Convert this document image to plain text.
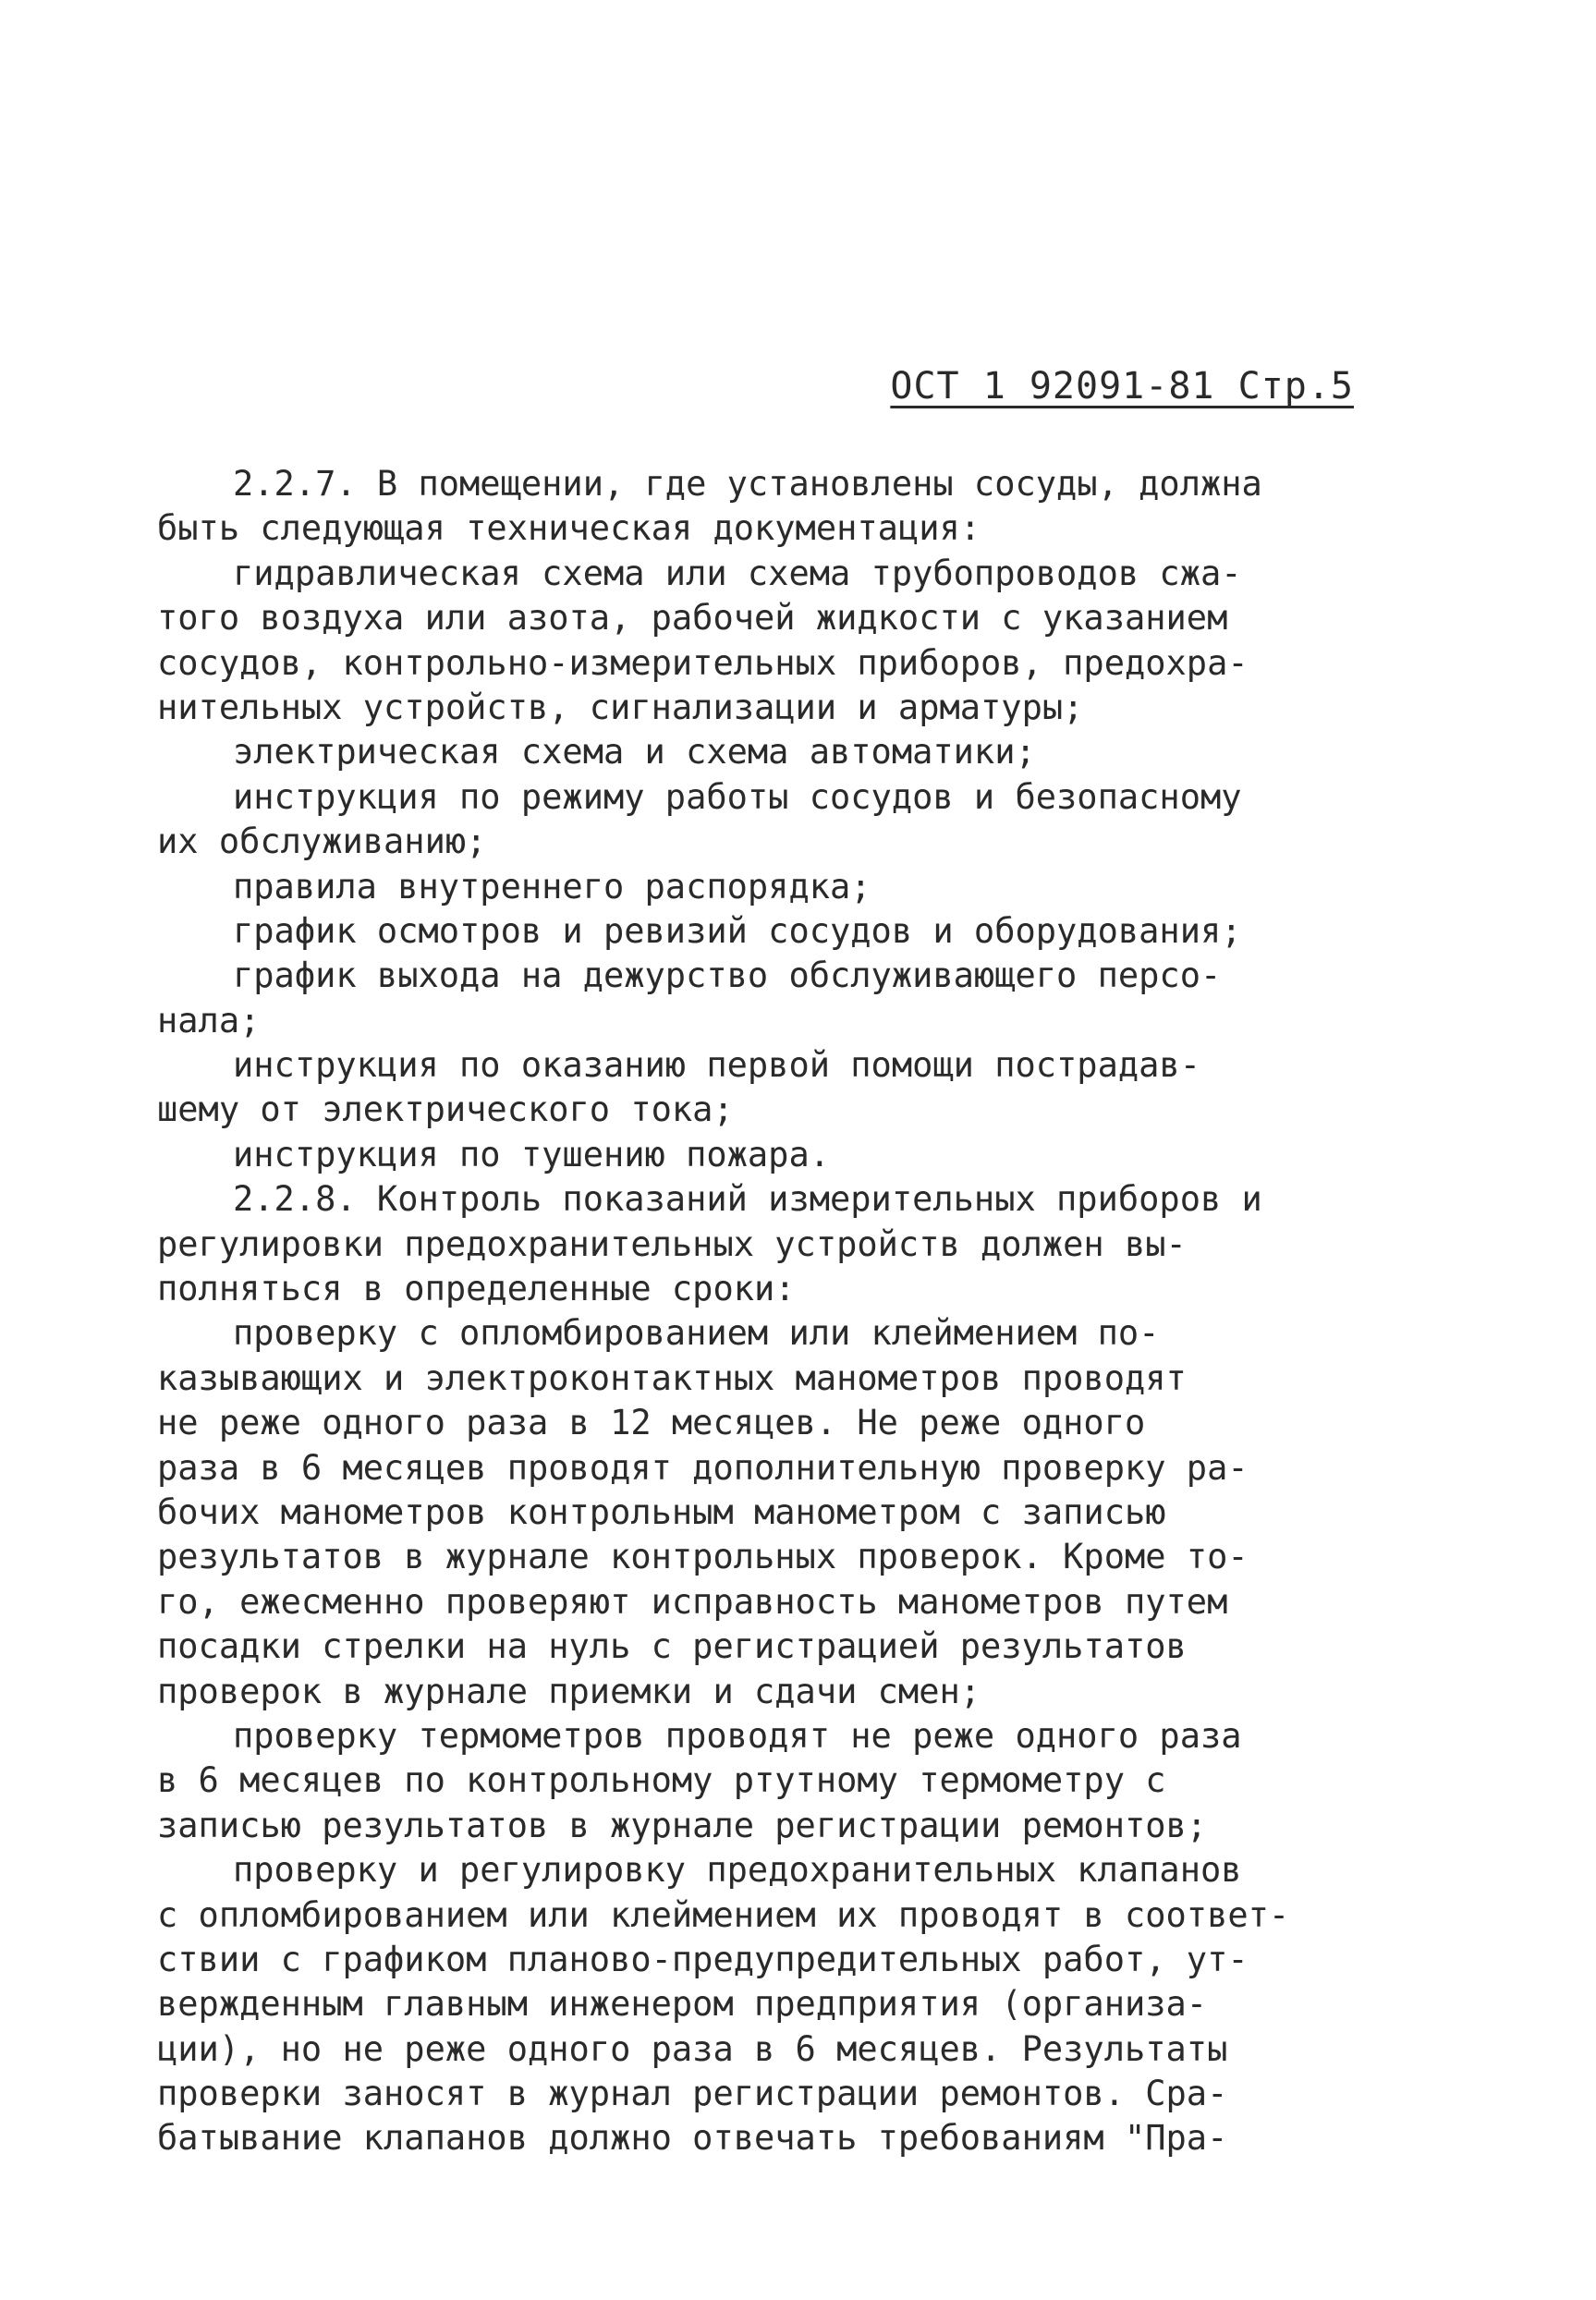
ОСТ 1 92091-81 Стр.5
2.2.7. В помещении, где установлены сосуды, должна
быть следующая техническая документация:
гидравлическая схема или схема трубопроводов сжа-
того воздуха или азота, рабочей жидкости с указанием
сосудов, контрольно-измерительных приборов, предохра-
нительных устройств, сигнализации и арматуры;
электрическая схема и схема автоматики;
инструкция по режиму работы сосудов и безопасному
их обслуживанию;
правила внутреннего распорядка;
график осмотров и ревизий сосудов и оборудования;
график выхода на дежурство обслуживающего персо-
нала;
инструкция по оказанию первой помощи пострадав-
шему от электрического тока;
инструкция по тушению пожара.
2.2.8. Контроль показаний измерительных приборов и
регулировки предохранительных устройств должен вы-
полняться в определенные сроки:
проверку с опломбированием или клеймением по-
казывающих и электроконтактных манометров проводят
не реже одного раза в 12 месяцев. Не реже одного
раза в 6 месяцев проводят дополнительную проверку ра-
бочих манометров контрольным манометром с записью
результатов в журнале контрольных проверок. Кроме то-
го, ежесменно проверяют исправность манометров путем
посадки стрелки на нуль с регистрацией результатов
проверок в журнале приемки и сдачи смен;
проверку термометров проводят не реже одного раза
в 6 месяцев по контрольному ртутному термометру с
записью результатов в журнале регистрации ремонтов;
проверку и регулировку предохранительных клапанов
с опломбированием или клеймением их проводят в соответ-
ствии с графиком планово-предупредительных работ, ут-
вержденным главным инженером предприятия (организа-
ции), но не реже одного раза в 6 месяцев. Результаты
проверки заносят в журнал регистрации ремонтов. Сра-
батывание клапанов должно отвечать требованиям "Пра-
